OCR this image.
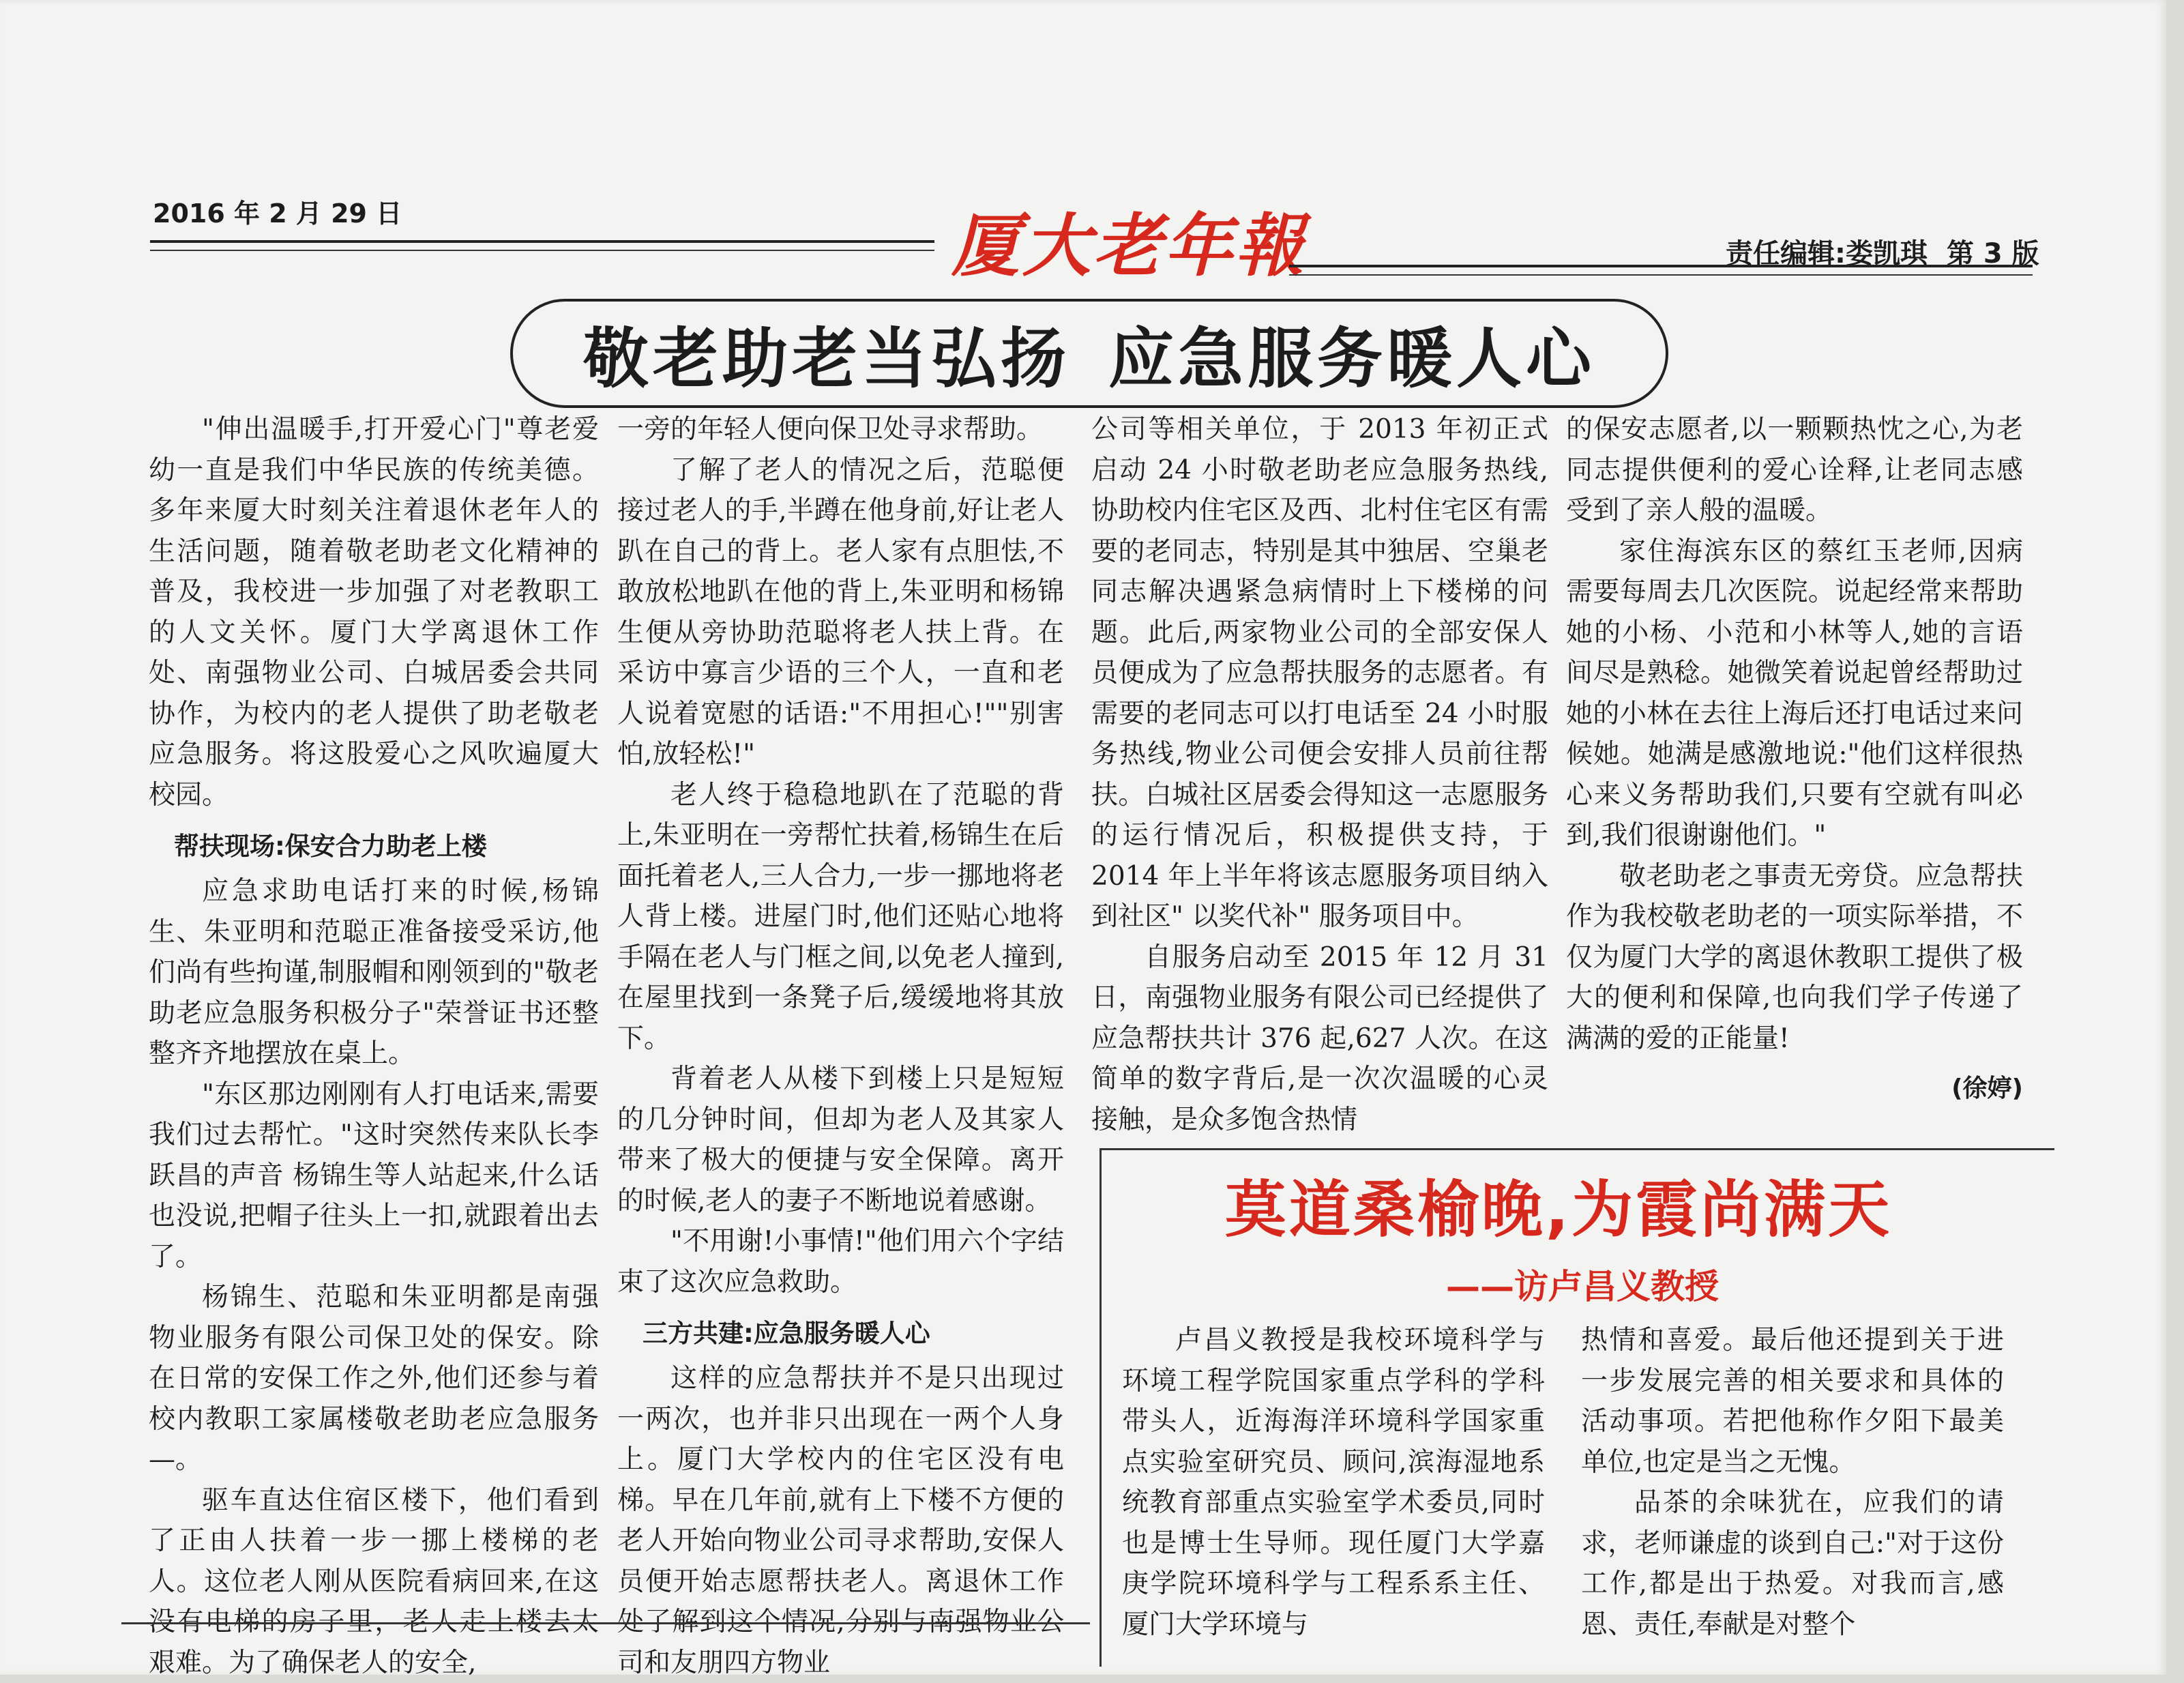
2016 年 2 月 29 日	厦大老年報	责任编辑:娄凯琪 第 3 版
敬老助老当弘扬 应急服务暖人心

"伸出温暖手,打开爱心门"尊老爱幼一直是我们中华民族的传统美德。多年来厦大时刻关注着退休老年人的生活问题，随着敬老助老文化精神的普及，我校进一步加强了对老教职工的人文关怀。厦门大学离退休工作处、南强物业公司、白城居委会共同协作，为校内的老人提供了助老敬老应急服务。将这股爱心之风吹遍厦大校园。

帮扶现场:保安合力助老上楼

应急求助电话打来的时候,杨锦生、朱亚明和范聪正准备接受采访,他们尚有些拘谨,制服帽和刚领到的"敬老助老应急服务积极分子"荣誉证书还整整齐齐地摆放在桌上。

"东区那边刚刚有人打电话来,需要我们过去帮忙。"这时突然传来队长李跃昌的声音 杨锦生等人站起来,什么话也没说,把帽子往头上一扣,就跟着出去了。

杨锦生、范聪和朱亚明都是南强物业服务有限公司保卫处的保安。除在日常的安保工作之外,他们还参与着校内教职工家属楼敬老助老应急服务—。

驱车直达住宿区楼下，他们看到了正由人扶着一步一挪上楼梯的老人。这位老人刚从医院看病回来,在这没有电梯的房子里，老人走上楼去太艰难。为了确保老人的安全,

一旁的年轻人便向保卫处寻求帮助。

了解了老人的情况之后，范聪便接过老人的手,半蹲在他身前,好让老人趴在自己的背上。老人家有点胆怯,不敢放松地趴在他的背上,朱亚明和杨锦生便从旁协助范聪将老人扶上背。在采访中寡言少语的三个人，一直和老人说着宽慰的话语:"不用担心!""别害怕,放轻松!"

老人终于稳稳地趴在了范聪的背上,朱亚明在一旁帮忙扶着,杨锦生在后面托着老人,三人合力,一步一挪地将老人背上楼。进屋门时,他们还贴心地将手隔在老人与门框之间,以免老人撞到,在屋里找到一条凳子后,缓缓地将其放下。

背着老人从楼下到楼上只是短短的几分钟时间，但却为老人及其家人带来了极大的便捷与安全保障。离开的时候,老人的妻子不断地说着感谢。

"不用谢!小事情!"他们用六个字结束了这次应急救助。

三方共建:应急服务暖人心

这样的应急帮扶并不是只出现过一两次，也并非只出现在一两个人身上。厦门大学校内的住宅区没有电梯。早在几年前,就有上下楼不方便的老人开始向物业公司寻求帮助,安保人员便开始志愿帮扶老人。离退休工作处了解到这个情况,分别与南强物业公司和友朋四方物业

公司等相关单位，于 2013 年初正式启动 24 小时敬老助老应急服务热线,协助校内住宅区及西、北村住宅区有需要的老同志，特别是其中独居、空巢老同志解决遇紧急病情时上下楼梯的问题。此后,两家物业公司的全部安保人员便成为了应急帮扶服务的志愿者。有需要的老同志可以打电话至 24 小时服务热线,物业公司便会安排人员前往帮扶。白城社区居委会得知这一志愿服务的运行情况后，积极提供支持，于 2014 年上半年将该志愿服务项目纳入到社区" 以奖代补" 服务项目中。

自服务启动至 2015 年 12 月 31 日，南强物业服务有限公司已经提供了应急帮扶共计 376 起,627 人次。在这简单的数字背后,是一次次温暖的心灵接触，是众多饱含热情

的保安志愿者,以一颗颗热忱之心,为老同志提供便利的爱心诠释,让老同志感受到了亲人般的温暖。

家住海滨东区的蔡红玉老师,因病需要每周去几次医院。说起经常来帮助她的小杨、小范和小林等人,她的言语间尽是熟稔。她微笑着说起曾经帮助过她的小林在去往上海后还打电话过来问候她。她满是感激地说:"他们这样很热心来义务帮助我们,只要有空就有叫必到,我们很谢谢他们。"

敬老助老之事责无旁贷。应急帮扶作为我校敬老助老的一项实际举措，不仅为厦门大学的离退休教职工提供了极大的便利和保障,也向我们学子传递了满满的爱的正能量!

(徐婷)
莫道桑榆晚,为霞尚满天
——访卢昌义教授

卢昌义教授是我校环境科学与环境工程学院国家重点学科的学科带头人，近海海洋环境科学国家重点实验室研究员、顾问,滨海湿地系统教育部重点实验室学术委员,同时也是博士生导师。现任厦门大学嘉庚学院环境科学与工程系系主任、厦门大学环境与

热情和喜爱。最后他还提到关于进一步发展完善的相关要求和具体的活动事项。若把他称作夕阳下最美单位,也定是当之无愧。

品茶的余味犹在，应我们的请求，老师谦虚的谈到自己:"对于这份工作,都是出于热爱。对我而言,感恩、责任,奉献是对整个
